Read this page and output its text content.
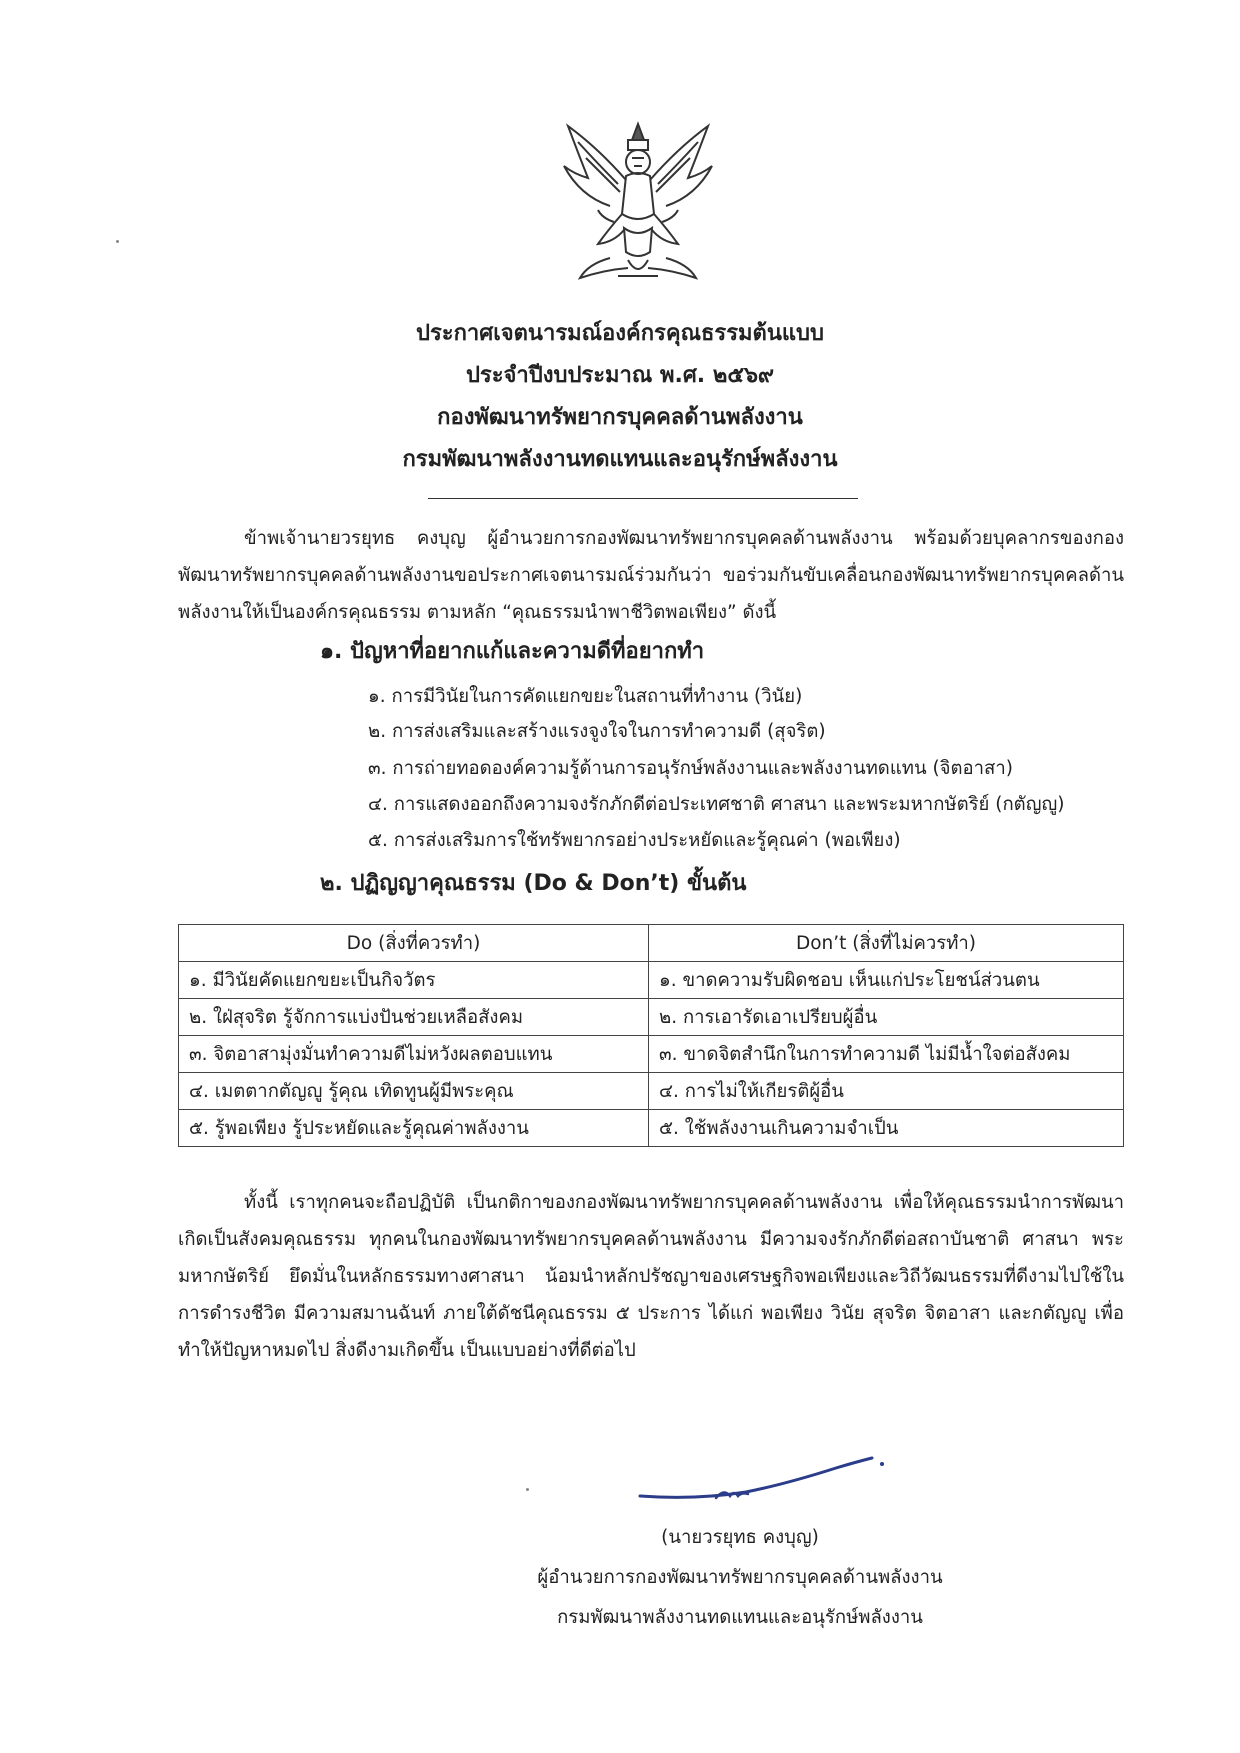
ประกาศเจตนารมณ์องค์กรคุณธรรมต้นแบบ
ประจำปีงบประมาณ พ.ศ. ๒๕๖๙
กองพัฒนาทรัพยากรบุคคลด้านพลังงาน
กรมพัฒนาพลังงานทดแทนและอนุรักษ์พลังงาน
ข้าพเจ้านายวรยุทธ คงบุญ ผู้อำนวยการกองพัฒนาทรัพยากรบุคคลด้านพลังงาน พร้อมด้วยบุคลากรของกองพัฒนาทรัพยากรบุคคลด้านพลังงานขอประกาศเจตนารมณ์ร่วมกันว่า ขอร่วมกันขับเคลื่อนกองพัฒนาทรัพยากรบุคคลด้านพลังงานให้เป็นองค์กรคุณธรรม ตามหลัก “คุณธรรมนำพาชีวิตพอเพียง” ดังนี้
๑. ปัญหาที่อยากแก้และความดีที่อยากทำ
๑. การมีวินัยในการคัดแยกขยะในสถานที่ทำงาน (วินัย)
๒. การส่งเสริมและสร้างแรงจูงใจในการทำความดี (สุจริต)
๓. การถ่ายทอดองค์ความรู้ด้านการอนุรักษ์พลังงานและพลังงานทดแทน (จิตอาสา)
๔. การแสดงออกถึงความจงรักภักดีต่อประเทศชาติ ศาสนา และพระมหากษัตริย์ (กตัญญู)
๕. การส่งเสริมการใช้ทรัพยากรอย่างประหยัดและรู้คุณค่า (พอเพียง)
๒. ปฏิญญาคุณธรรม (Do & Don’t) ขั้นต้น
Do (สิ่งที่ควรทำ)	Don’t (สิ่งที่ไม่ควรทำ)
๑. มีวินัยคัดแยกขยะเป็นกิจวัตร	๑. ขาดความรับผิดชอบ เห็นแก่ประโยชน์ส่วนตน
๒. ใฝ่สุจริต รู้จักการแบ่งปันช่วยเหลือสังคม	๒. การเอารัดเอาเปรียบผู้อื่น
๓. จิตอาสามุ่งมั่นทำความดีไม่หวังผลตอบแทน	๓. ขาดจิตสำนึกในการทำความดี ไม่มีน้ำใจต่อสังคม
๔. เมตตากตัญญู รู้คุณ เทิดทูนผู้มีพระคุณ	๔. การไม่ให้เกียรติผู้อื่น
๕. รู้พอเพียง รู้ประหยัดและรู้คุณค่าพลังงาน	๕. ใช้พลังงานเกินความจำเป็น
ทั้งนี้ เราทุกคนจะถือปฏิบัติ เป็นกติกาของกองพัฒนาทรัพยากรบุคคลด้านพลังงาน เพื่อให้คุณธรรมนำการพัฒนาเกิดเป็นสังคมคุณธรรม ทุกคนในกองพัฒนาทรัพยากรบุคคลด้านพลังงาน มีความจงรักภักดีต่อสถาบันชาติ ศาสนา พระมหากษัตริย์ ยึดมั่นในหลักธรรมทางศาสนา น้อมนำหลักปรัชญาของเศรษฐกิจพอเพียงและวิถีวัฒนธรรมที่ดีงามไปใช้ในการดำรงชีวิต มีความสมานฉันท์ ภายใต้ดัชนีคุณธรรม ๕ ประการ ได้แก่ พอเพียง วินัย สุจริต จิตอาสา และกตัญญู เพื่อทำให้ปัญหาหมดไป สิ่งดีงามเกิดขึ้น เป็นแบบอย่างที่ดีต่อไป
(นายวรยุทธ คงบุญ)
ผู้อำนวยการกองพัฒนาทรัพยากรบุคคลด้านพลังงาน
กรมพัฒนาพลังงานทดแทนและอนุรักษ์พลังงาน
